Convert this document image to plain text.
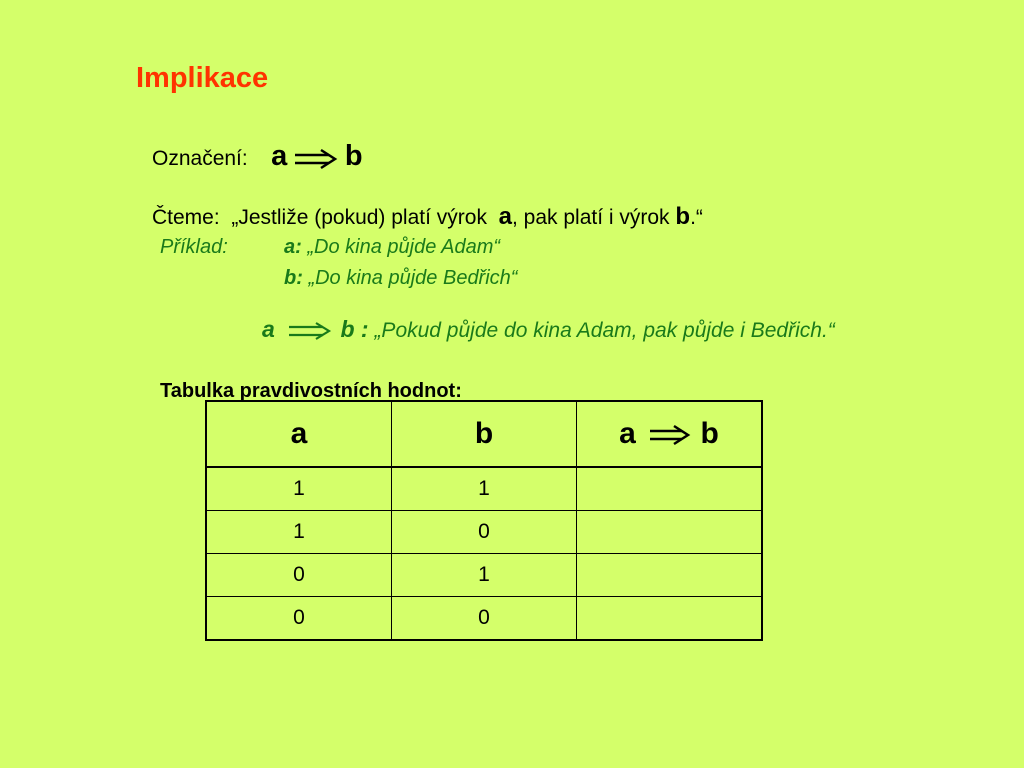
Implikace
Označení: a b
Čteme: „Jestliže (pokud) platí výrok a, pak platí i výrok b.“
Příklad:	a: „Do kina půjde Adam“
b: „Do kina půjde Bedřich“
a	b : „Pokud půjde do kina Adam, pak půjde i Bedřich.“
Tabulka pravdivostních hodnot:
a	b	a b
1	1	
1	0	
0	1	
0	0	
